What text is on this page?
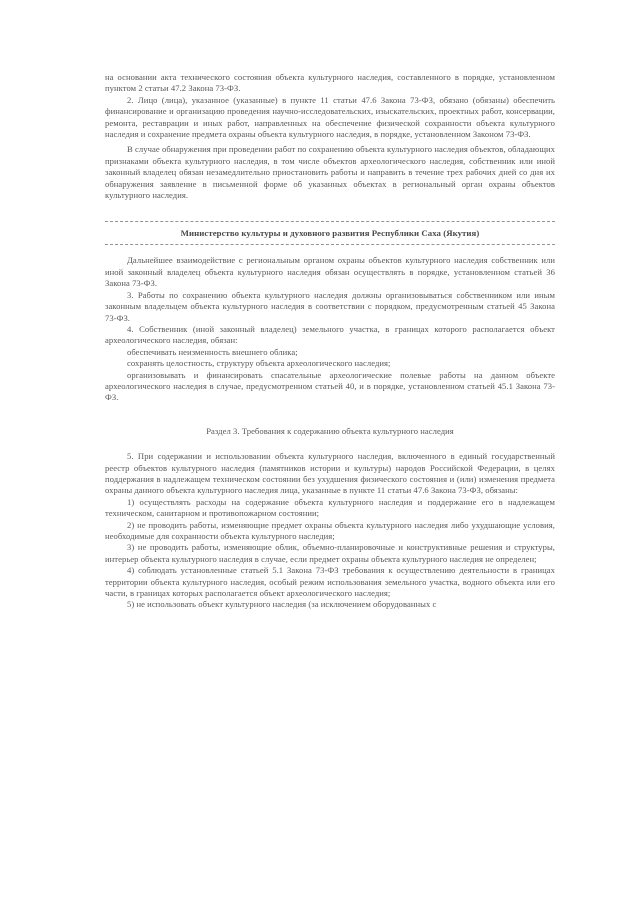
на основании акта технического состояния объекта культурного наследия, составленного в порядке, установленном пунктом 2 статьи 47.2 Закона 73-ФЗ.

2. Лицо (лица), указанное (указанные) в пункте 11 статьи 47.6 Закона 73-ФЗ, обязано (обязаны) обеспечить финансирование и организацию проведения научно-исследовательских, изыскательских, проектных работ, консервации, ремонта, реставрации и иных работ, направленных на обеспечение физической сохранности объекта культурного наследия и сохранение предмета охраны объекта культурного наследия, в порядке, установленном Законом 73-ФЗ.

В случае обнаружения при проведении работ по сохранению объекта культурного наследия объектов, обладающих признаками объекта культурного наследия, в том числе объектов археологического наследия, собственник или иной законный владелец обязан незамедлительно приостановить работы и направить в течение трех рабочих дней со дня их обнаружения заявление в письменной форме об указанных объектах в региональный орган охраны объектов культурного наследия.

Министерство культуры и духовного развития Республики Саха (Якутия)

Дальнейшее взаимодействие с региональным органом охраны объектов культурного наследия собственник или иной законный владелец объекта культурного наследия обязан осуществлять в порядке, установленном статьей 36 Закона 73-ФЗ.

3. Работы по сохранению объекта культурного наследия должны организовываться собственником или иным законным владельцем объекта культурного наследия в соответствии с порядком, предусмотренным статьей 45 Закона 73-ФЗ.

4. Собственник (иной законный владелец) земельного участка, в границах которого располагается объект археологического наследия, обязан:

обеспечивать неизменность внешнего облика;

сохранять целостность, структуру объекта археологического наследия;

организовывать и финансировать спасательные археологические полевые работы на данном объекте археологического наследия в случае, предусмотренном статьей 40, и в порядке, установленном статьей 45.1 Закона 73-ФЗ.

Раздел 3. Требования к содержанию объекта культурного наследия

5. При содержании и использовании объекта культурного наследия, включенного в единый государственный реестр объектов культурного наследия (памятников истории и культуры) народов Российской Федерации, в целях поддержания в надлежащем техническом состоянии без ухудшения физического состояния и (или) изменения предмета охраны данного объекта культурного наследия лица, указанные в пункте 11 статьи 47.6 Закона 73-ФЗ, обязаны:

1) осуществлять расходы на содержание объекта культурного наследия и поддержание его в надлежащем техническом, санитарном и противопожарном состоянии;

2) не проводить работы, изменяющие предмет охраны объекта культурного наследия либо ухудшающие условия, необходимые для сохранности объекта культурного наследия;

3) не проводить работы, изменяющие облик, объемно-планировочные и конструктивные решения и структуры, интерьер объекта культурного наследия в случае, если предмет охраны объекта культурного наследия не определен;

4) соблюдать установленные статьей 5.1 Закона 73-ФЗ требования к осуществлению деятельности в границах территории объекта культурного наследия, особый режим использования земельного участка, водного объекта или его части, в границах которых располагается объект археологического наследия;

5) не использовать объект культурного наследия (за исключением оборудованных с
